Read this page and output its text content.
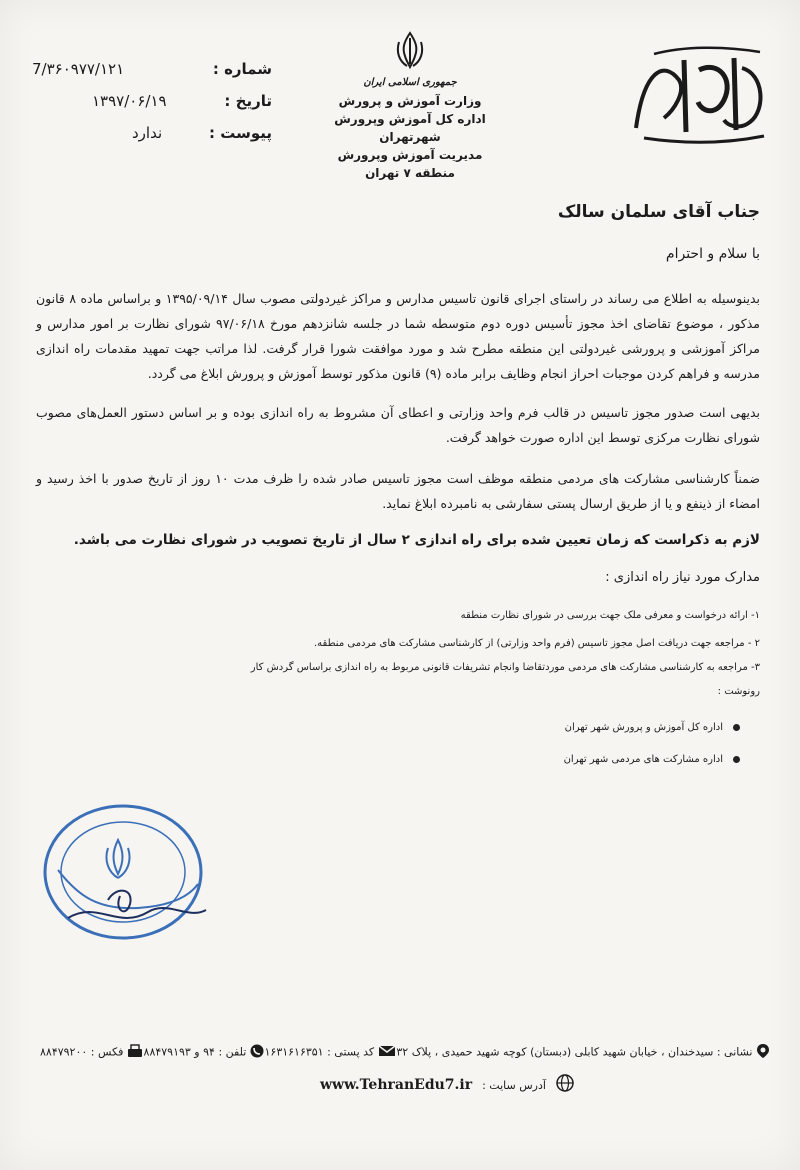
7/۳۶۰۹۷۷/۱۲۱	شماره :
۱۳۹۷/۰۶/۱۹	تاریخ :
ندارد	پیوست :
جمهوری اسلامی ایران
وزارت آموزش و پرورش
اداره کل آموزش وپرورش شهرتهران
مدیریت آموزش وپرورش منطقه ۷ تهران
جناب آقای سلمان سالک
با سلام و احترام
بدینوسیله به اطلاع می رساند در راستای اجرای قانون تاسیس مدارس و مراکز غیردولتی مصوب سال ۱۳۹۵/۰۹/۱۴ و براساس ماده ۸ قانون مذکور ، موضوع تقاضای اخذ مجوز تأسیس دوره دوم متوسطه شما در جلسه شانزدهم مورخ ۹۷/۰۶/۱۸ شورای نظارت بر امور مدارس و مراکز آموزشی و پرورشی غیردولتی این منطقه مطرح شد و مورد موافقت شورا قرار گرفت. لذا مراتب جهت تمهید مقدمات راه اندازی مدرسه و فراهم کردن موجبات احراز انجام وظایف برابر ماده (۹) قانون مذکور توسط آموزش و پرورش ابلاغ می گردد.
بدیهی است صدور مجوز تاسیس در قالب فرم واحد وزارتی و اعطای آن مشروط به راه اندازی بوده و بر اساس دستور العمل‌های مصوب شورای نظارت مرکزی توسط این اداره صورت خواهد گرفت.
ضمناً کارشناسی مشارکت های مردمی منطقه موظف است مجوز تاسیس صادر شده را ظرف مدت ۱۰ روز از تاریخ صدور با اخذ رسید و امضاء از ذینفع و یا از طریق ارسال پستی سفارشی به نامبرده ابلاغ نماید.
لازم به ذکراست که زمان تعیین شده برای راه اندازی ۲ سال از تاریخ تصویب در شورای نظارت می باشد.
مدارک مورد نیاز راه اندازی :
۱- ارائه درخواست و معرفی ملک جهت بررسی در شورای نظارت منطقه
۲ - مراجعه جهت دریافت اصل مجوز تاسیس (فرم واحد وزارتی) از کارشناسی مشارکت های مردمی منطقه.
۳- مراجعه به کارشناسی مشارکت های مردمی موردتقاضا وانجام تشریفات قانونی مربوط به راه اندازی براساس گردش کار
رونوشت :
اداره کل آموزش و پرورش شهر تهران
اداره مشارکت های مردمی شهر تهران
نشانی : سیدخندان ، خیابان شهید کابلی (دبستان) کوچه شهید حمیدی ، پلاک ۳۲
کد پستی : ۱۶۳۱۶۱۶۳۵۱
تلفن : ۹۴ و ۸۸۴۷۹۱۹۳
فکس : ۸۸۴۷۹۲۰۰
www.TehranEdu7.ir آدرس سایت :
